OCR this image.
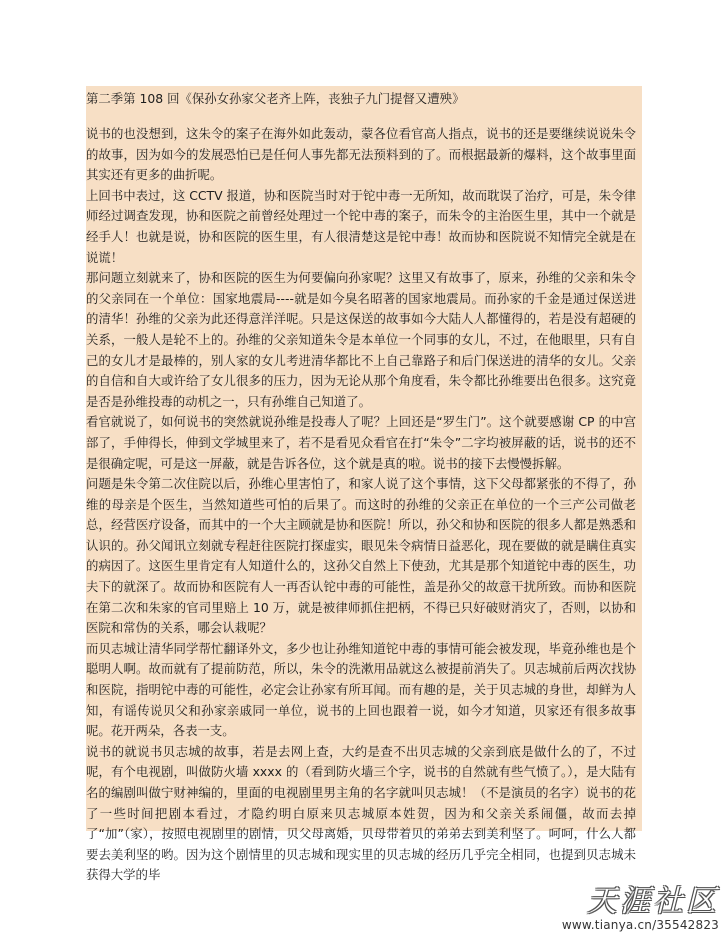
第二季第 108 回《保孙女孙家父老齐上阵，丧独子九门提督又遭殃》

说书的也没想到，这朱令的案子在海外如此轰动，蒙各位看官高人指点，说书的还是要继续说说朱令的故事，因为如今的发展恐怕已是任何人事先都无法预料到的了。而根据最新的爆料，这个故事里面其实还有更多的曲折呢。

上回书中表过，这 CCTV 报道，协和医院当时对于铊中毒一无所知，故而耽误了治疗，可是，朱令律师经过调查发现，协和医院之前曾经处理过一个铊中毒的案子，而朱令的主治医生里，其中一个就是经手人！也就是说，协和医院的医生里，有人很清楚这是铊中毒！故而协和医院说不知情完全就是在说谎！

那问题立刻就来了，协和医院的医生为何要偏向孙家呢？这里又有故事了，原来，孙维的父亲和朱令的父亲同在一个单位：国家地震局----就是如今臭名昭著的国家地震局。而孙家的千金是通过保送进的清华！孙维的父亲为此还得意洋洋呢。只是这保送的故事如今大陆人人都懂得的，若是没有超硬的关系，一般人是轮不上的。孙维的父亲知道朱令是本单位一个同事的女儿，不过，在他眼里，只有自己的女儿才是最棒的，别人家的女儿考进清华都比不上自己靠路子和后门保送进的清华的女儿。父亲的自信和自大或许给了女儿很多的压力，因为无论从那个角度看，朱令都比孙维要出色很多。这究竟是否是孙维投毒的动机之一，只有孙维自己知道了。

看官就说了，如何说书的突然就说孙维是投毒人了呢？上回还是“罗生门”。这个就要感谢 CP 的中宫部了，手伸得长，伸到文学城里来了，若不是看见众看官在打“朱令”二字均被屏蔽的话，说书的还不是很确定呢，可是这一屏蔽，就是告诉各位，这个就是真的啦。说书的接下去慢慢拆解。

问题是朱令第二次住院以后，孙维心里害怕了，和家人说了这个事情，这下父母都紧张的不得了，孙维的母亲是个医生，当然知道些可怕的后果了。而这时的孙维的父亲正在单位的一个三产公司做老总，经营医疗设备，而其中的一个大主顾就是协和医院！所以，孙父和协和医院的很多人都是熟悉和认识的。孙父闻讯立刻就专程赶往医院打探虚实，眼见朱令病情日益恶化，现在要做的就是瞒住真实的病因了。这医生里肯定有人知道什么的，这孙父自然上下使劲，尤其是那个知道铊中毒的医生，功夫下的就深了。故而协和医院有人一再否认铊中毒的可能性，盖是孙父的故意干扰所致。而协和医院在第二次和朱家的官司里赔上 10 万，就是被律师抓住把柄，不得已只好破财消灾了，否则，以协和医院和常伪的关系，哪会认栽呢？

而贝志城让清华同学帮忙翻译外文，多少也让孙维知道铊中毒的事情可能会被发现，毕竟孙维也是个聪明人啊。故而就有了提前防范，所以，朱令的洗漱用品就这么被提前消失了。贝志城前后两次找协和医院，指明铊中毒的可能性，必定会让孙家有所耳闻。而有趣的是，关于贝志城的身世，却鲜为人知，有谣传说贝父和孙家亲戚同一单位，说书的上回也跟着一说，如今才知道，贝家还有很多故事呢。花开两朵，各表一支。

说书的就说书贝志城的故事，若是去网上查，大约是查不出贝志城的父亲到底是做什么的了，不过呢，有个电视剧，叫做防火墙 xxxx 的（看到防火墙三个字，说书的自然就有些气愤了。），是大陆有名的编剧叫做宁财神编的，里面的电视剧里男主角的名字就叫贝志城！（不是演员的名字）说书的花了一些时间把剧本看过，才隐约明白原来贝志城原本姓贺，因为和父亲关系闹僵，故而去掉了“加”（家），按照电视剧里的剧情，贝父母离婚，贝母带着贝的弟弟去到美利坚了。呵呵，什么人都要去美利坚的哟。因为这个剧情里的贝志城和现实里的贝志城的经历几乎完全相同，也提到贝志城未获得大学的毕

天涯社区
www.tianya.cn/35542823
